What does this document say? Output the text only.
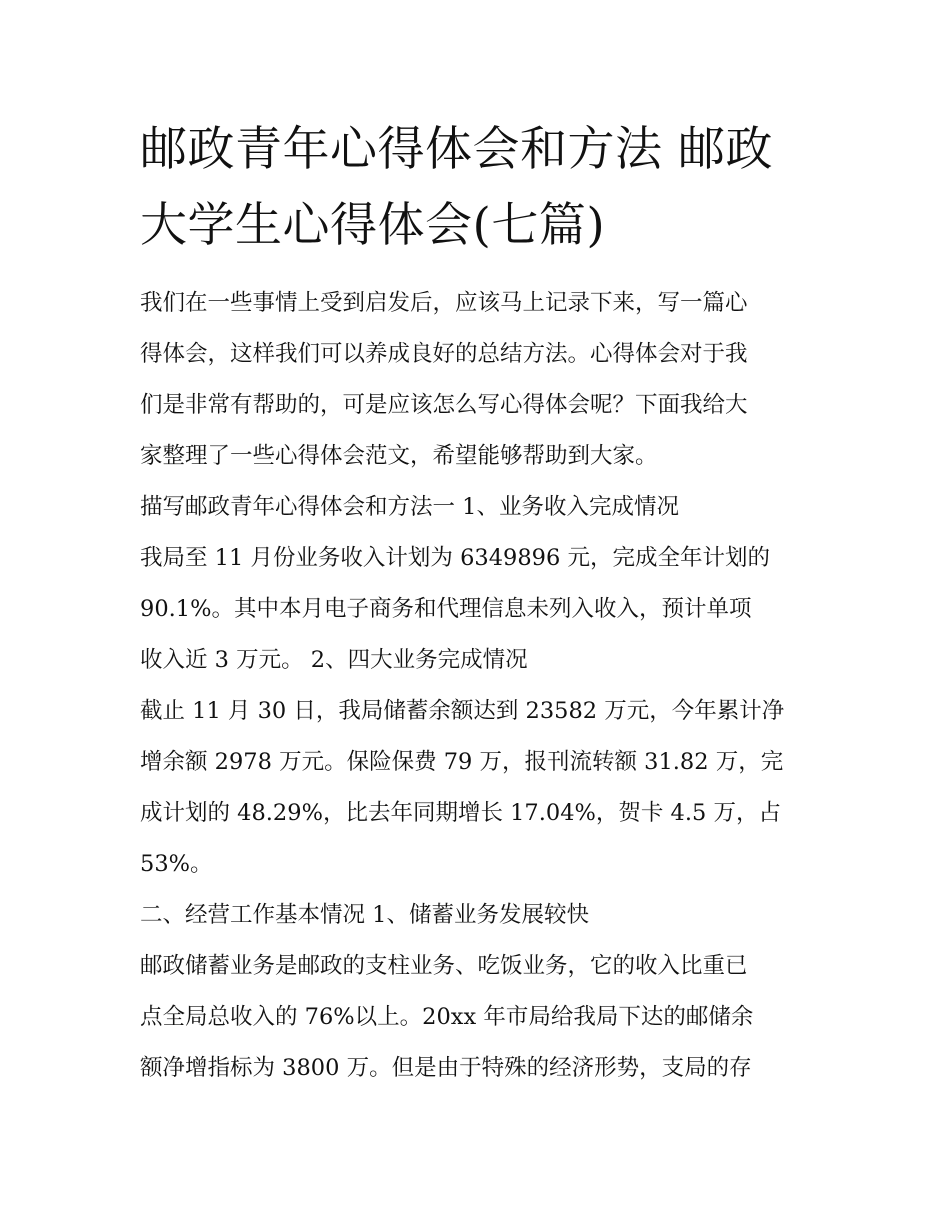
邮政青年心得体会和方法 邮政
大学生心得体会(七篇)
我们在一些事情上受到启发后，应该马上记录下来，写一篇心
得体会，这样我们可以养成良好的总结方法。心得体会对于我
们是非常有帮助的，可是应该怎么写心得体会呢？下面我给大
家整理了一些心得体会范文，希望能够帮助到大家。
描写邮政青年心得体会和方法一 1、业务收入完成情况
我局至 11 月份业务收入计划为 6349896 元，完成全年计划的
90.1%。其中本月电子商务和代理信息未列入收入，预计单项
收入近 3 万元。 2、四大业务完成情况
截止 11 月 30 日，我局储蓄余额达到 23582 万元，今年累计净
增余额 2978 万元。保险保费 79 万，报刊流转额 31.82 万，完
成计划的 48.29%，比去年同期增长 17.04%，贺卡 4.5 万，占
53%。
二、经营工作基本情况 1、储蓄业务发展较快
邮政储蓄业务是邮政的支柱业务、吃饭业务，它的收入比重已
点全局总收入的 76%以上。20xx 年市局给我局下达的邮储余
额净增指标为 3800 万。但是由于特殊的经济形势，支局的存
